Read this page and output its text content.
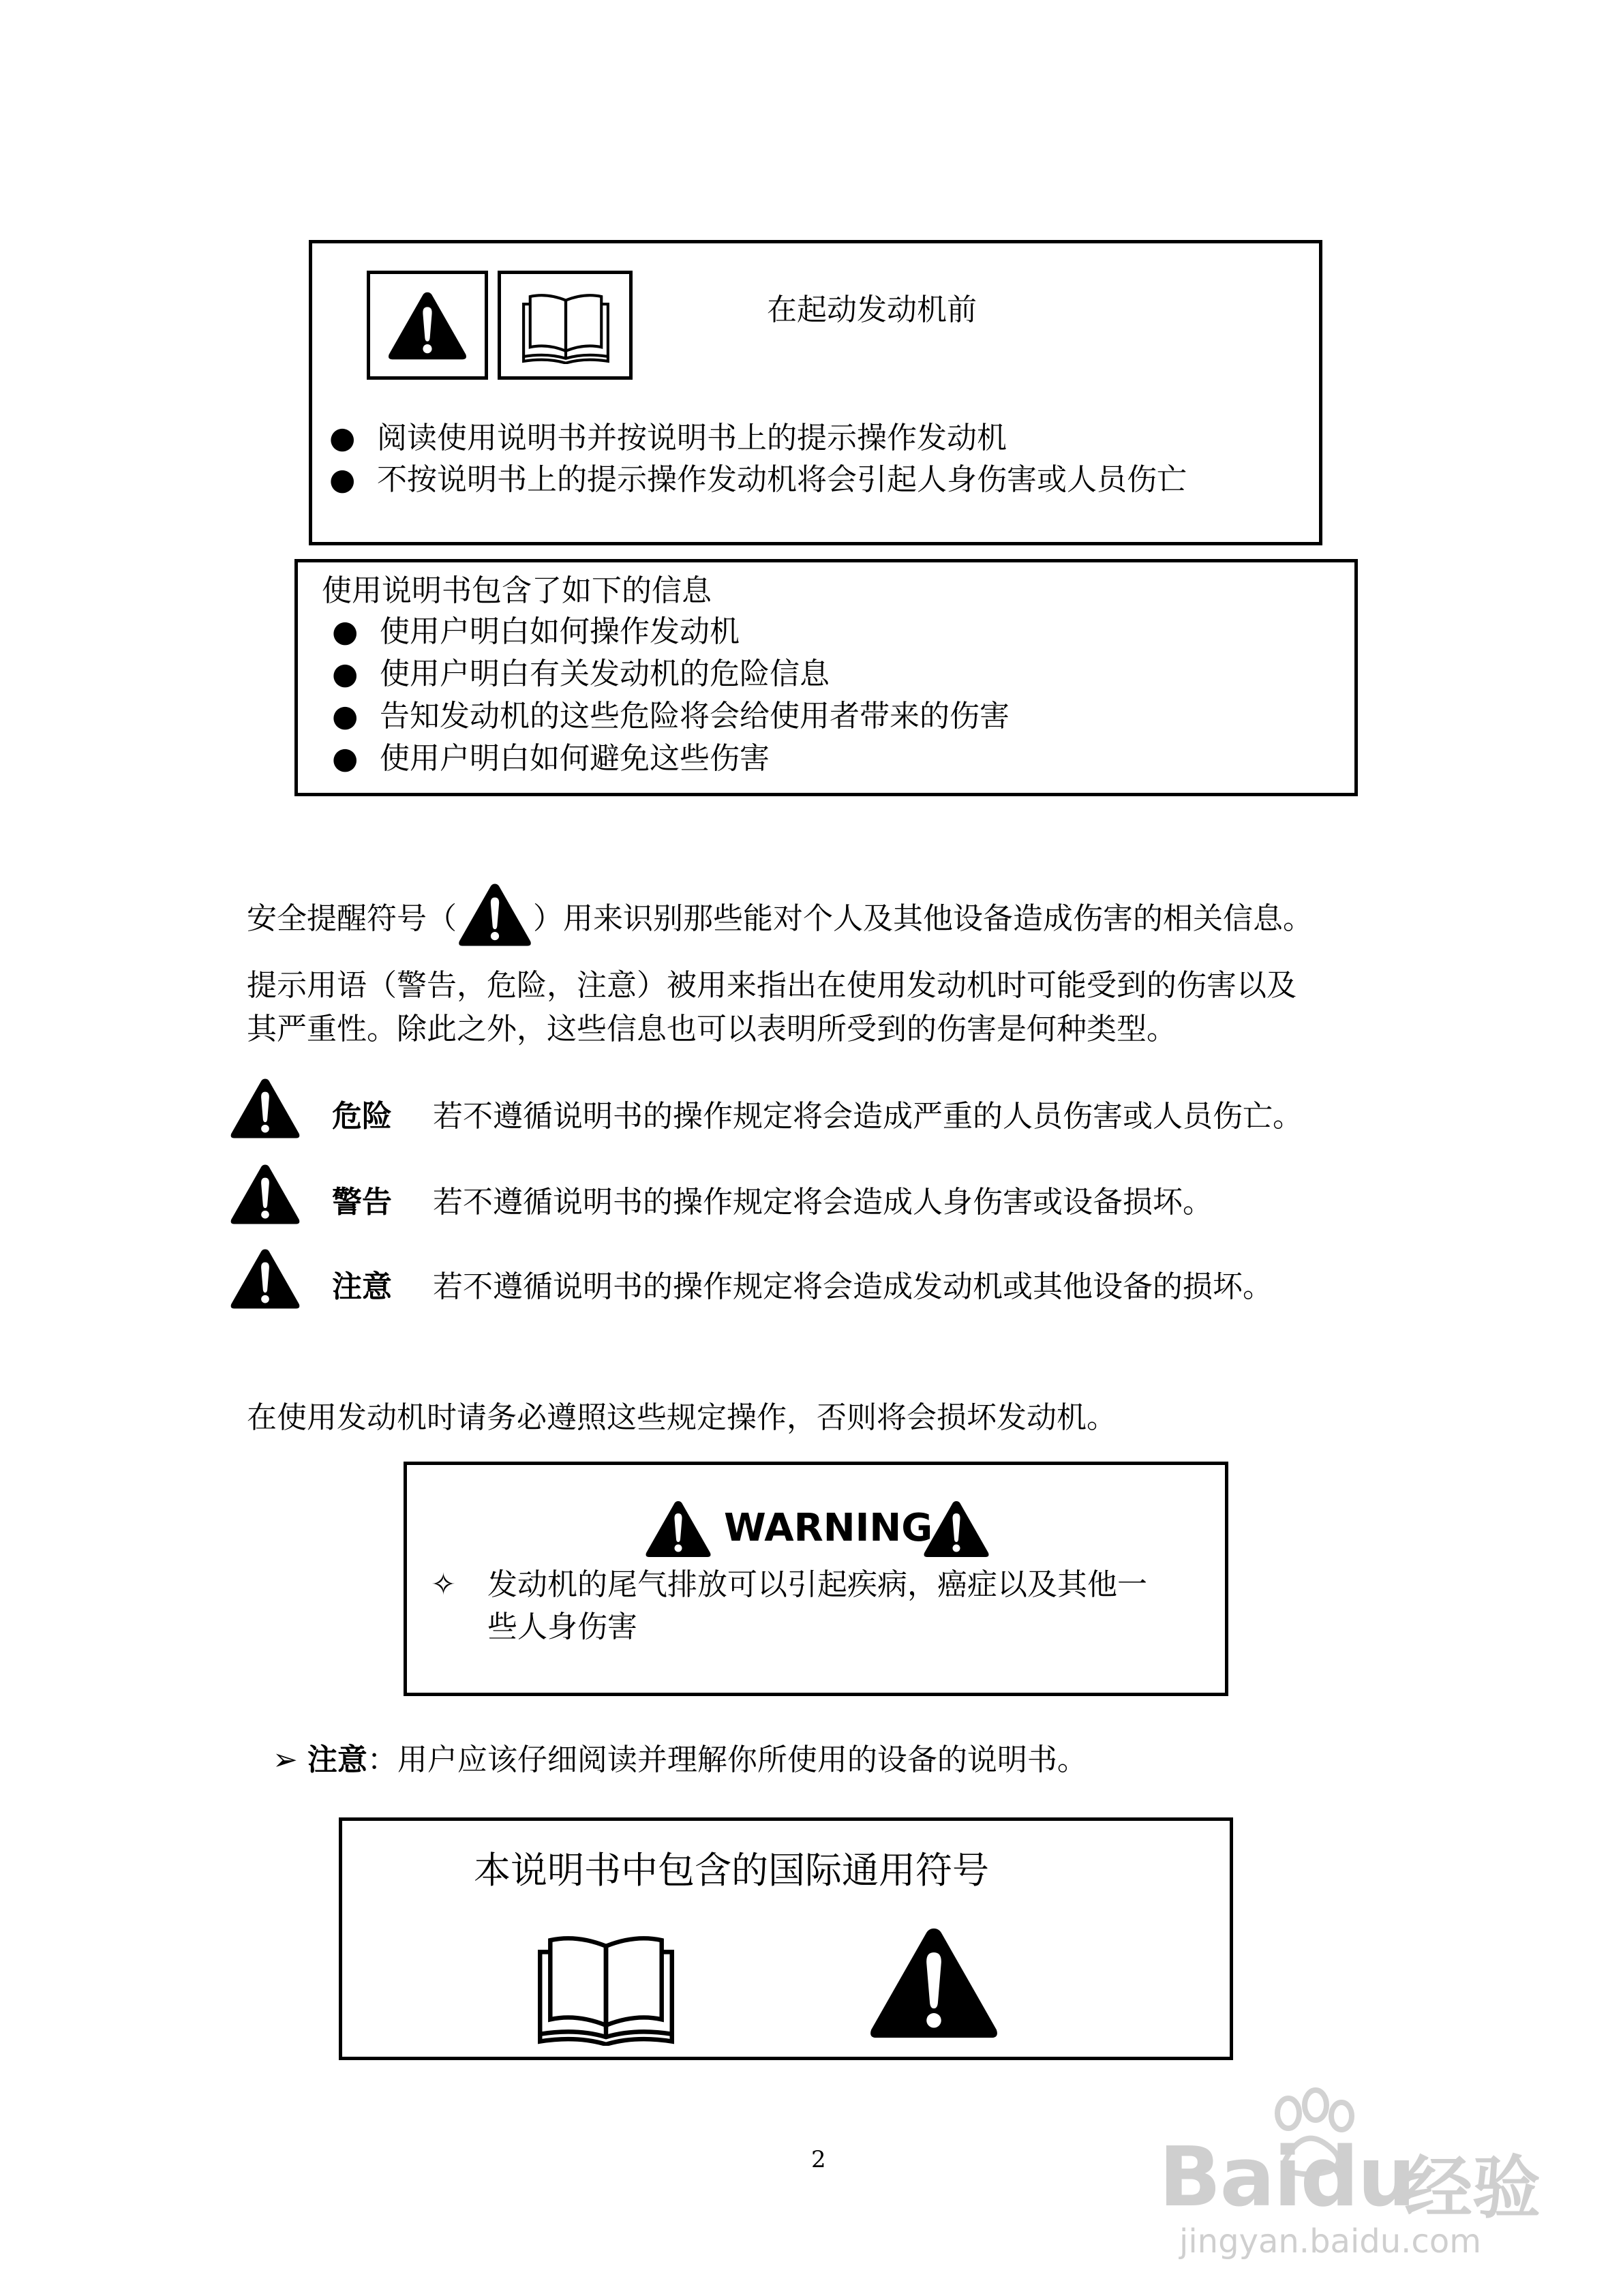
在起动发动机前
● 阅读使用说明书并按说明书上的提示操作发动机
● 不按说明书上的提示操作发动机将会引起人身伤害或人员伤亡
使用说明书包含了如下的信息
● 使用户明白如何操作发动机
● 使用户明白有关发动机的危险信息
● 告知发动机的这些危险将会给使用者带来的伤害
● 使用户明白如何避免这些伤害
安全提醒符号（	）用来识别那些能对个人及其他设备造成伤害的相关信息。
提示用语（警告，危险，注意）被用来指出在使用发动机时可能受到的伤害以及
其严重性。除此之外，这些信息也可以表明所受到的伤害是何种类型。
危险 若不遵循说明书的操作规定将会造成严重的人员伤害或人员伤亡。
警告 若不遵循说明书的操作规定将会造成人身伤害或设备损坏。
注意 若不遵循说明书的操作规定将会造成发动机或其他设备的损坏。
在使用发动机时请务必遵照这些规定操作，否则将会损坏发动机。
WARNING
✧ 发动机的尾气排放可以引起疾病，癌症以及其他一
些人身伤害
➢ 注意：用户应该仔细阅读并理解你所使用的设备的说明书。
本说明书中包含的国际通用符号
2	Baidu
经验
jingyan.baidu.com
